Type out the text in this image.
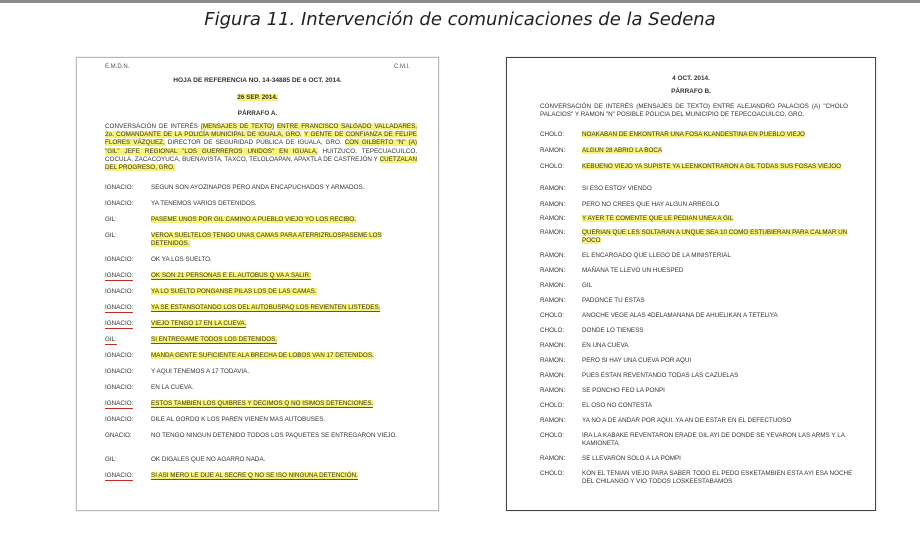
Figura 11. Intervención de comunicaciones de la Sedena
E.M.D.N.	C.M.I.
HOJA DE REFERENCIA NO. 14-34885 DE 6 OCT. 2014.
26 SEP. 2014.
PÁRRAFO A.
CONVERSACIÓN DE INTERÉS (MENSAJES DE TEXTO) ENTRE FRANCISCO SALGADO VALLADARES, 2o. COMANDANTE DE LA POLICÍA MUNICIPAL DE IGUALA, GRO. Y GENTE DE CONFIANZA DE FELIPE FLORES VÁZQUEZ, DIRECTOR DE SEGURIDAD PÚBLICA DE IGUALA, GRO. CON GILBERTO "N" (A) "GIL" JEFE REGIONAL "LOS GUERREROS UNIDOS" EN IGUALA, HUITZUCO, TEPECUACUILCO, COCULA, ZACACOYUCA, BUENAVISTA, TAXCO, TELOLOAPAN, APAXTLA DE CASTREJÓN Y CUETZALAN DEL PROGRESO, GRO.
IGNACIO:	SEGUN SON AYOZINAPOS PERO ANDA ENCAPUCHADOS Y ARMADOS.
IGNACIO:	YA TENEMOS VARIOS DETENIDOS.
GIL:	PASEME UNOS POR GIL CAMINO A PUEBLO VIEJO YO LOS RECIBO.
GIL:	VEROA SUELTELOS TENGO UNAS CAMAS PARA ATERRIZRLOSPASEME LOS DETENIDOS.
IGNACIO:	OK YA LOS SUELTO.
IGNACIO:	OK SON 21 PERSONAS E EL AUTOBUS Q VA A SALIR.
IGNACIO:	YA LO SUELTO PONGANSE PILAS LOS DE LAS CAMAS.
IGNACIO:	YA SE ESTANSOTANDO LOS DEL AUTOBUSPAQ LOS REVIENTEN LISTEDES.
IGNACIO:	VIEJO TENGO 17 EN LA CUEVA.
GIL:	SI ENTREGAME TODOS LOS DETENIDOS.
IGNACIO:	MANDA GENTE SUFICIENTE ALA BRECHA DE LOBOS VAN 17 DETENIDOS.
IGNACIO:	Y AQUI TENEMOS A 17 TODAVIA.
IGNACIO:	EN LA CUEVA.
IGNACIO:	ESTOS TAMBIEN LOS QUIBRES Y DECIMOS Q NO ISIMOS DETENCIONES.
IGNACIO:	DILE AL GORDO K LOS PAREN VIENEN MAS AUTOBUSES.
GNACIO:	NO TENGO NINGUN DETENIDO TODOS LOS PAQUETES SE ENTREGARON VIEJO.
GIL:	OK DIGALES QUE NO AGARRO NADA.
IGNACIO:	SI ASI MERO LE DIJE AL SECRE Q NO SE ISO NINGUNA DETENCIÓN.
4 OCT. 2014.
PÁRRAFO B.
CONVERSACIÓN DE INTERÉS (MENSAJES DE TEXTO) ENTRE ALEJANDRO PALACIOS (A) "CHOLO PALACIOS" Y RAMON "N" POSIBLE POLICIA DEL MUNICIPIO DE TEPECOACUILCO, GRO.
CHOLO:	NOAKABAN DE ENKONTRAR UNA FOSA KLANDESTINA EN PUEBLO VIEJO
RAMON:	ALGUN 28 ABRIO LA BOCA
CHOLO:	KEBUENO VIEJO YA SUPISTE YA LEENKONTRARON A GIL TODAS SUS FOSAS VIEJOO
RAMON:	SI ESO ESTOY VIENDO
RAMON:	PERO NO CREES QUE HAY ALGUN ARREGLO
RAMON:	Y AYER TE COMENTE QUE LE PEDIAN UNEA A GIL
RAMON:	QUERIAN QUE LES SOLTARAN A UNQUE SEA 10 COMO ESTUBIERAN PARA CALMAR UN POCO
RAMON:	EL ENCARGADO QUE LLEGO DE LA MINISTERIAL
RAMON:	MAÑANA TE LLEVO UN HUESPED
RAMON:	GIL
RAMON:	PADONCE TU ESTAS
CHOLO:	ANOCHE VEGE ALAS 4DELAMANANA DE AHUELIKAN A TETELIYA
CHOLO:	DONDE LO TIENESS
RAMON:	EN UNA CUEVA
RAMON:	PERO SI HAY UNA CUEVA POR AQUI
RAMON:	PUES ESTAN REVENTANDO TODAS LAS CAZUELAS
RAMON:	SE PONCHO FEO LA PONPI
CHOLO:	EL OSO NO CONTESTA
RAMON:	YA NO A DE ANDAR POR AQUI. YA AN DE ESTAR EN EL DEFECTUOSO
CHOLO:	IRA LA KABAKE REVENTARON ERADE GIL AYI DE DONDE SE YEVARON LAS ARMS Y LA KAMIONETA
RAMON:	SE LLEVARON SOLO A LA POMPI
CHOLO:	KON EL TENIAN VIEJO PARA SABER TODO EL PEDO ESKETAMBIEN ESTA AYI ESA NOCHE DEL CHILANGO Y VIO TODOS LOSKEESTABAMOS
